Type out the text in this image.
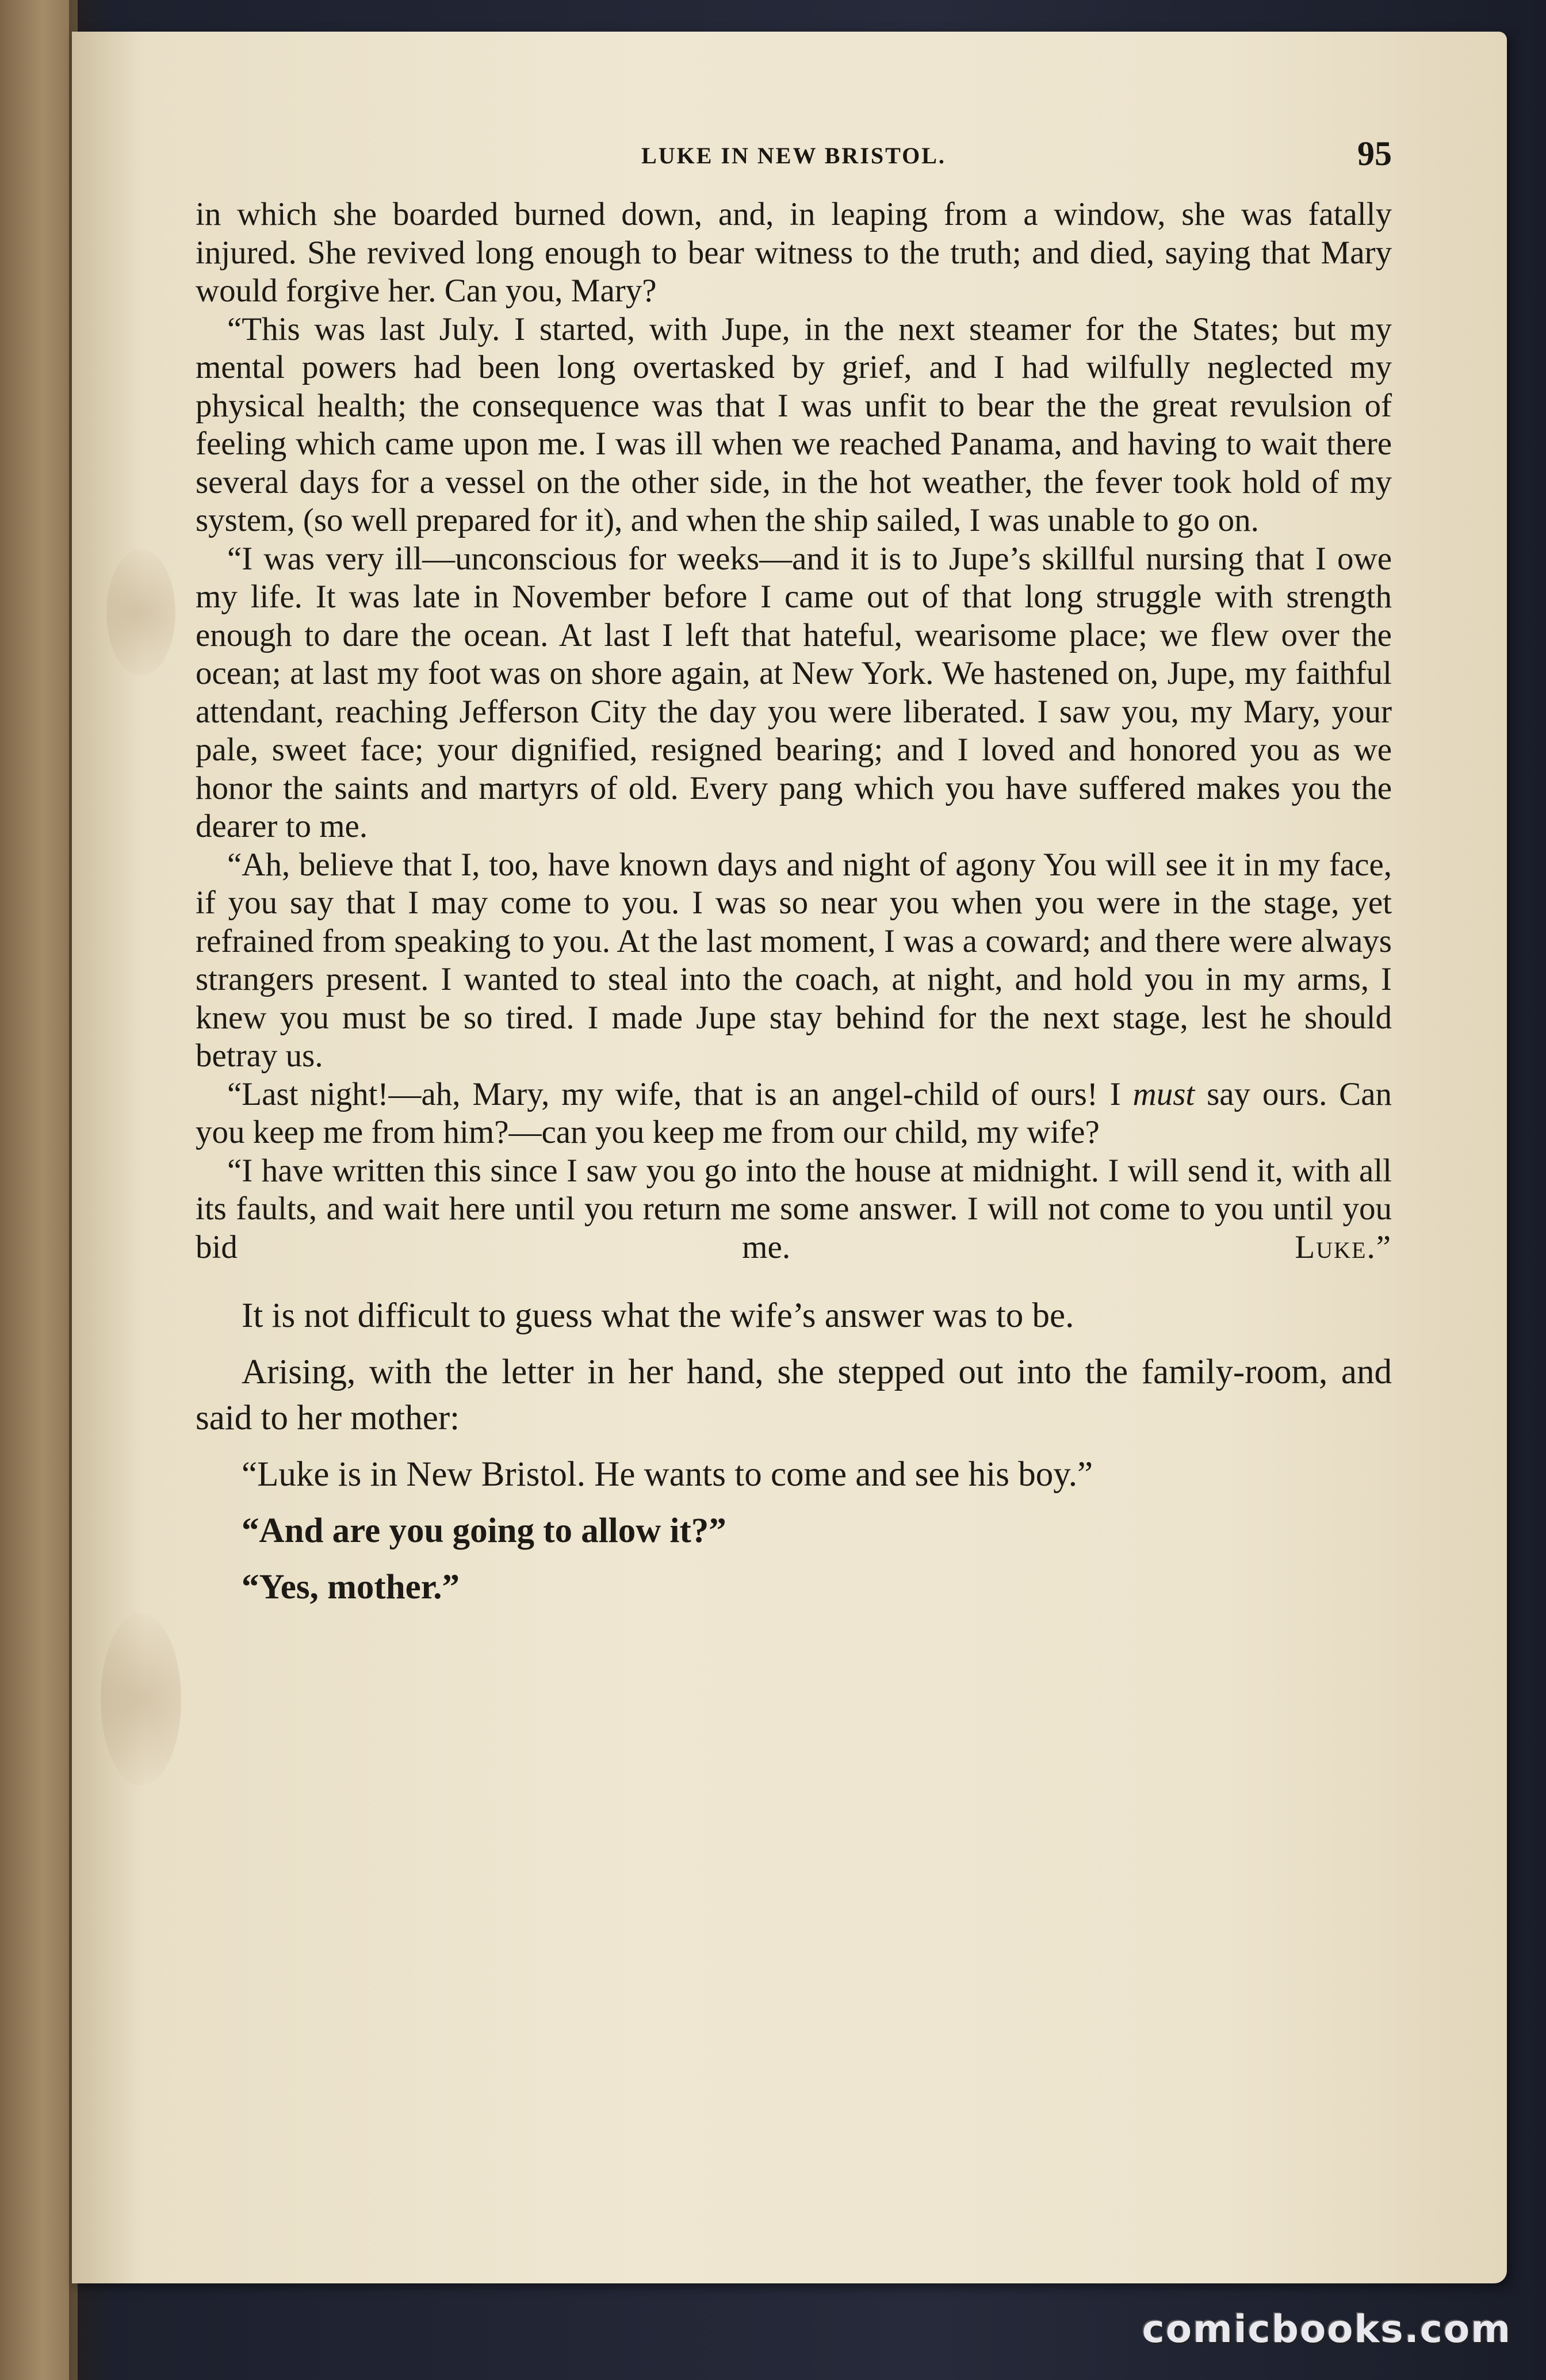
LUKE IN NEW BRISTOL.	95

in which she boarded burned down, and, in leaping from a window, she was fatally injured. She revived long enough to bear witness to the truth; and died, saying that Mary would forgive her. Can you, Mary?

“This was last July. I started, with Jupe, in the next steamer for the States; but my mental powers had been long overtasked by grief, and I had wilfully neglected my physical health; the consequence was that I was unfit to bear the the great revulsion of feeling which came upon me. I was ill when we reached Panama, and having to wait there several days for a vessel on the other side, in the hot weather, the fever took hold of my system, (so well prepared for it), and when the ship sailed, I was unable to go on.

“I was very ill—unconscious for weeks—and it is to Jupe’s skillful nursing that I owe my life. It was late in November before I came out of that long struggle with strength enough to dare the ocean. At last I left that hateful, wearisome place; we flew over the ocean; at last my foot was on shore again, at New York. We hastened on, Jupe, my faithful attendant, reaching Jefferson City the day you were liberated. I saw you, my Mary, your pale, sweet face; your dignified, resigned bearing; and I loved and honored you as we honor the saints and martyrs of old. Every pang which you have suffered makes you the dearer to me.

“Ah, believe that I, too, have known days and night of agony You will see it in my face, if you say that I may come to you. I was so near you when you were in the stage, yet refrained from speaking to you. At the last moment, I was a coward; and there were always strangers present. I wanted to steal into the coach, at night, and hold you in my arms, I knew you must be so tired. I made Jupe stay behind for the next stage, lest he should betray us.

“Last night!—ah, Mary, my wife, that is an angel-child of ours! I must say ours. Can you keep me from him?—can you keep me from our child, my wife?

“I have written this since I saw you go into the house at midnight. I will send it, with all its faults, and wait here until you return me some answer. I will not come to you until you bid me.	Luke.”

It is not difficult to guess what the wife’s answer was to be.

Arising, with the letter in her hand, she stepped out into the family-room, and said to her mother:

“Luke is in New Bristol. He wants to come and see his boy.”

“And are you going to allow it?”

“Yes, mother.”

comicbooks.com
